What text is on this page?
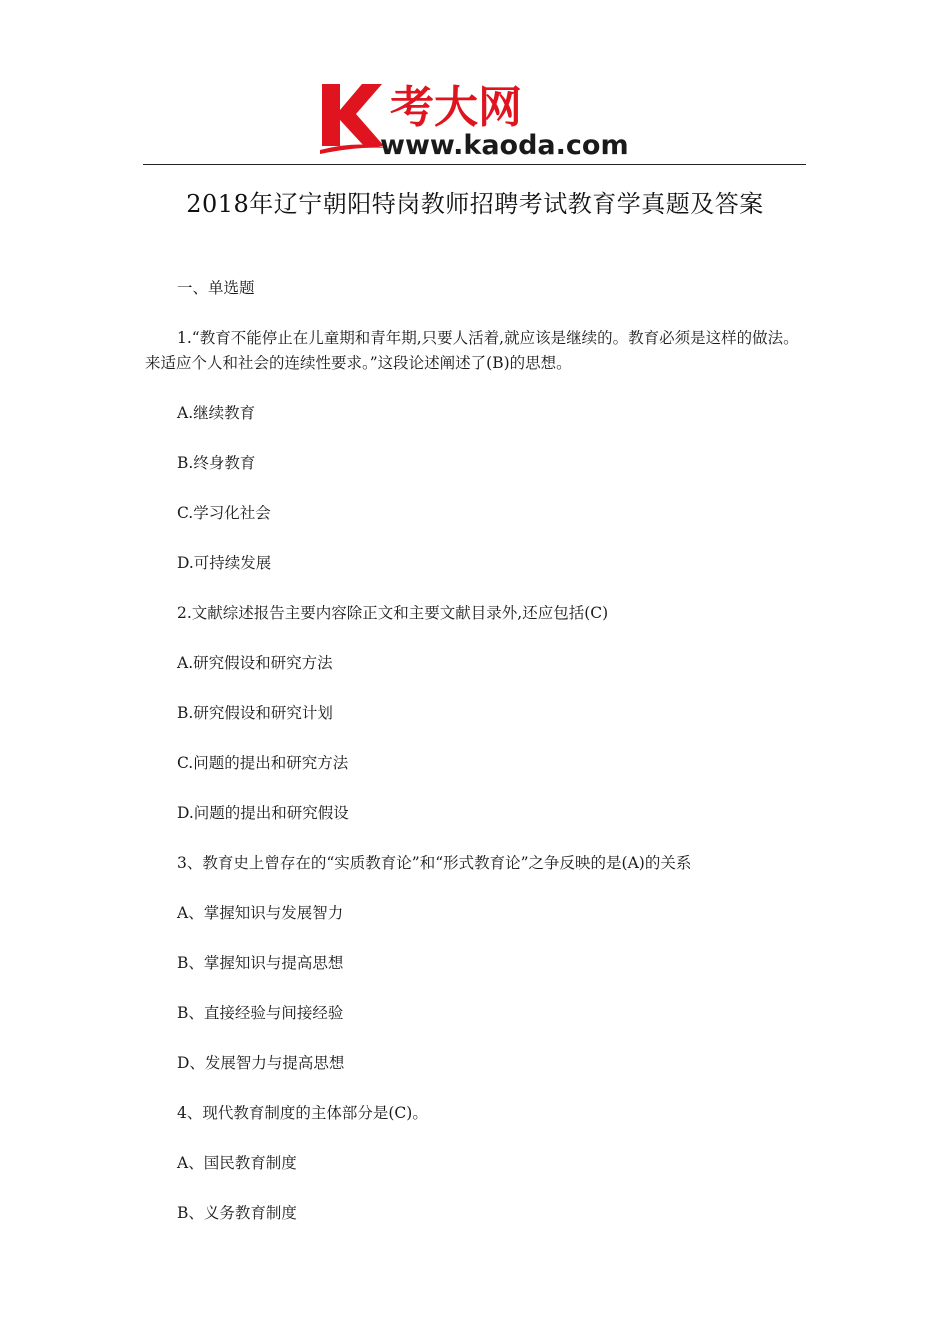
考大网
www.kaoda.com
2018年辽宁朝阳特岗教师招聘考试教育学真题及答案

一、单选题

1.“教育不能停止在儿童期和青年期,只要人活着,就应该是继续的。教育必须是这样的做法。来适应个人和社会的连续性要求。”这段论述阐述了(B)的思想。

A.继续教育

B.终身教育

C.学习化社会

D.可持续发展

2.文献综述报告主要内容除正文和主要文献目录外,还应包括(C)

A.研究假设和研究方法

B.研究假设和研究计划

C.问题的提出和研究方法

D.问题的提出和研究假设

3、教育史上曾存在的“实质教育论”和“形式教育论”之争反映的是(A)的关系

A、掌握知识与发展智力

B、掌握知识与提高思想

B、直接经验与间接经验

D、发展智力与提高思想

4、现代教育制度的主体部分是(C)。

A、国民教育制度

B、义务教育制度
